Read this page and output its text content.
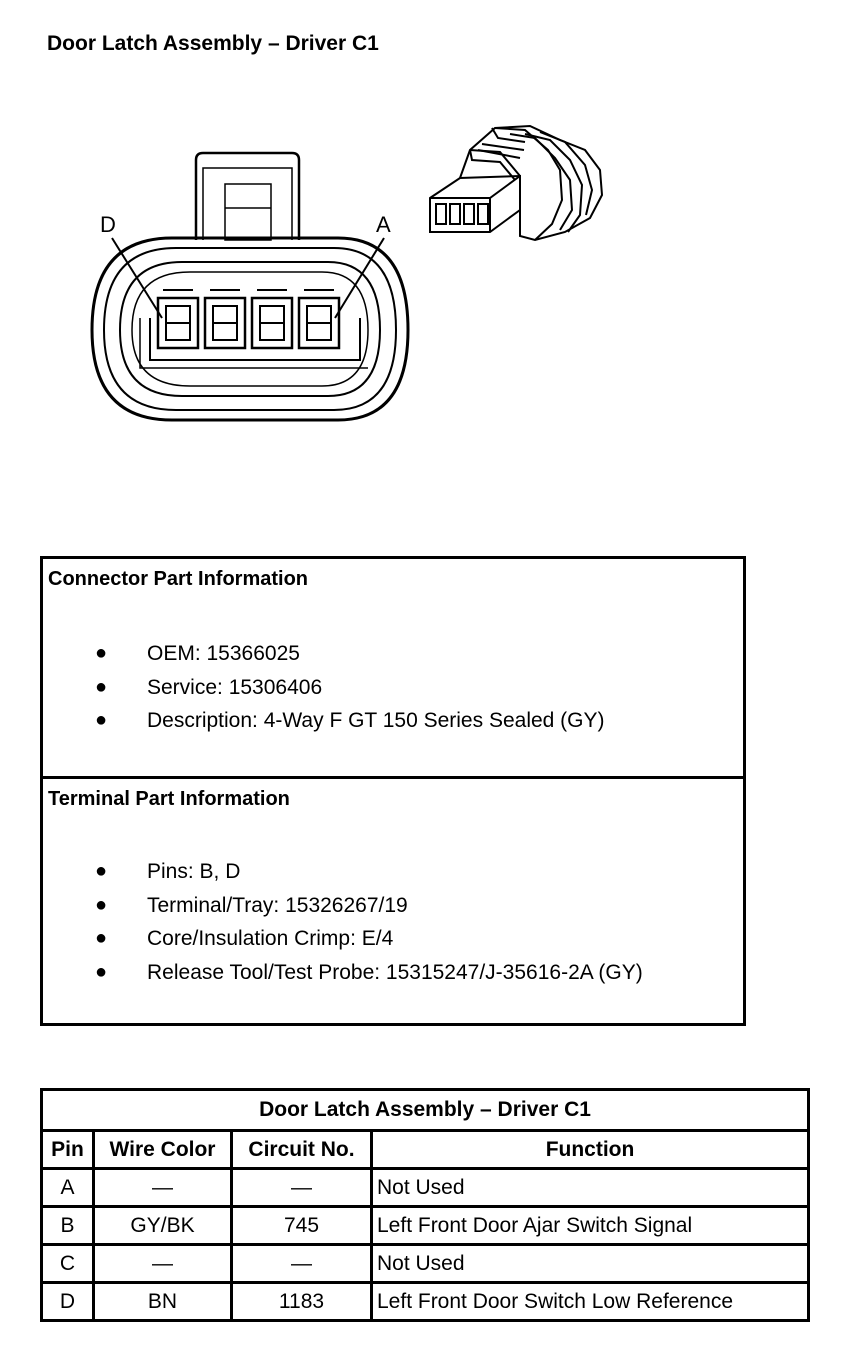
Door Latch Assembly – Driver C1
D	A
Connector Part Information
● OEM: 15366025
● Service: 15306406
● Description: 4-Way F GT 150 Series Sealed (GY)
Terminal Part Information
● Pins: B, D
● Terminal/Tray: 15326267/19
● Core/Insulation Crimp: E/4
● Release Tool/Test Probe: 15315247/J-35616-2A (GY)
Door Latch Assembly – Driver C1			
Pin	Wire Color	Circuit No.	Function
A	—	—	Not Used
B	GY/BK	745	Left Front Door Ajar Switch Signal
C	—	—	Not Used
D	BN	1183	Left Front Door Switch Low Reference
